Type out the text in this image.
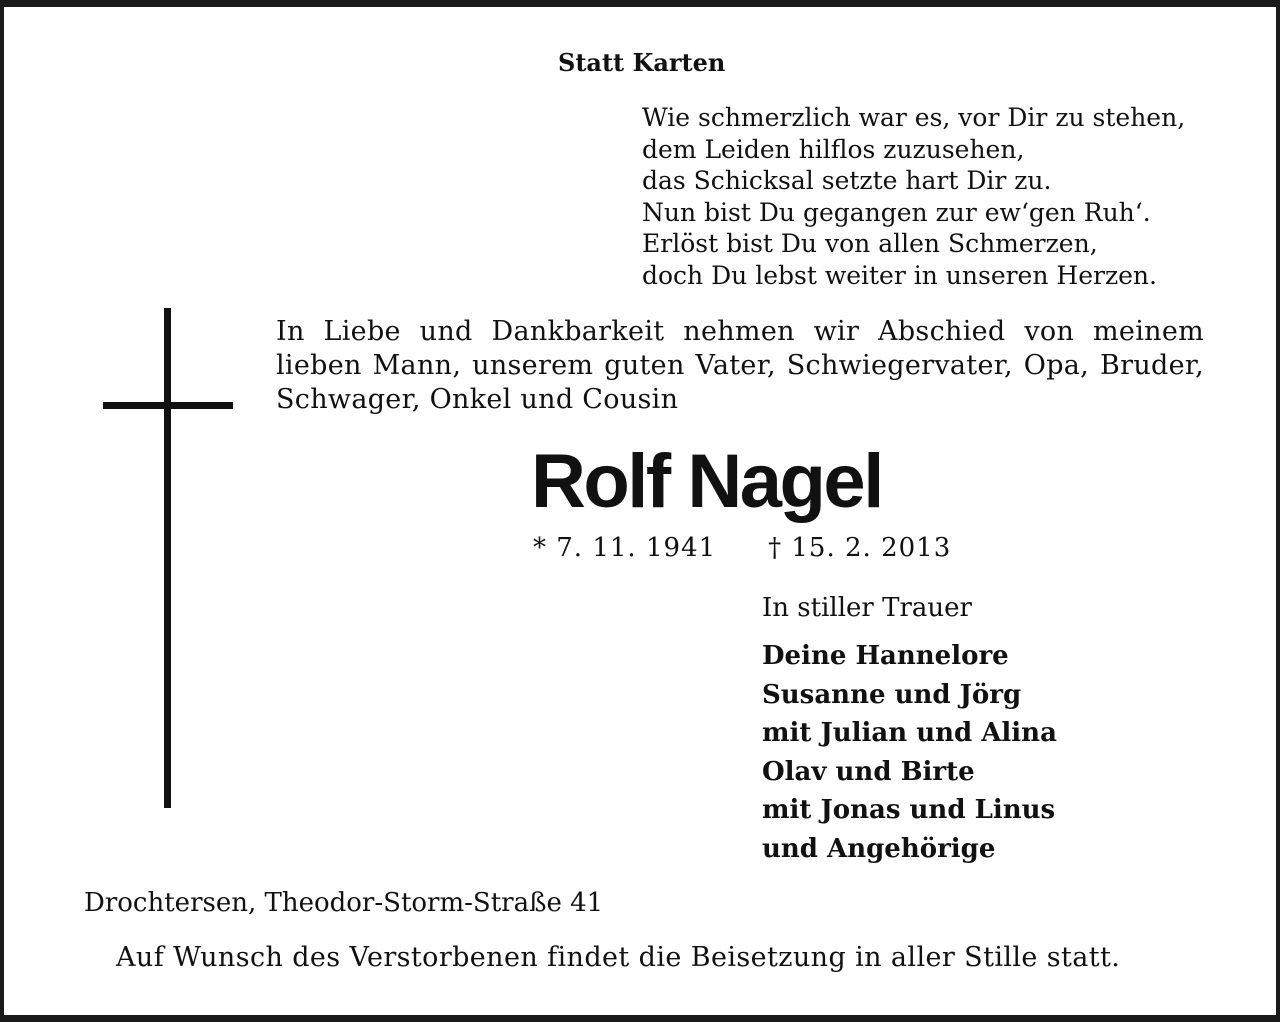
Statt Karten
Wie schmerzlich war es, vor Dir zu stehen,
dem Leiden hilflos zuzusehen,
das Schicksal setzte hart Dir zu.
Nun bist Du gegangen zur ew‘gen Ruh‘.
Erlöst bist Du von allen Schmerzen,
doch Du lebst weiter in unseren Herzen.
In Liebe und Dankbarkeit nehmen wir Abschied von meinem lieben Mann, unserem guten Vater, Schwiegervater, Opa, Bruder, Schwager, Onkel und Cousin
Rolf Nagel
* 7. 11. 1941 † 15. 2. 2013
In stiller Trauer
Deine Hannelore
Susanne und Jörg
mit Julian und Alina
Olav und Birte
mit Jonas und Linus
und Angehörige
Drochtersen, Theodor-Storm-Straße 41
Auf Wunsch des Verstorbenen findet die Beisetzung in aller Stille statt.
